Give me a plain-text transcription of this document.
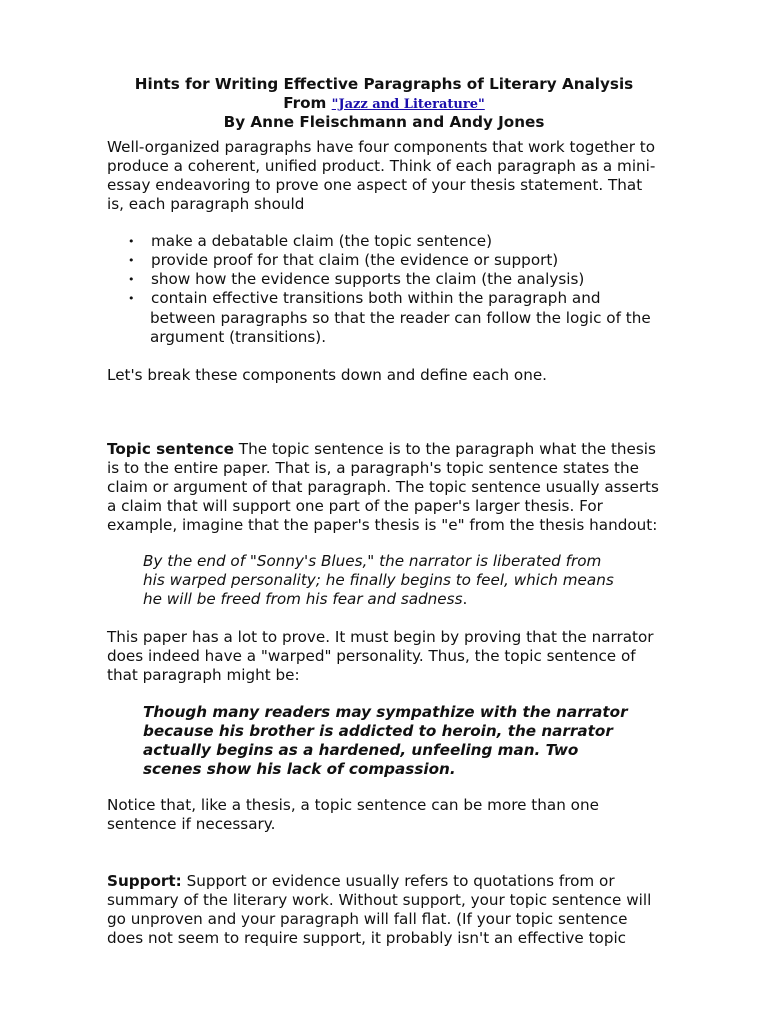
Hints for Writing Effective Paragraphs of Literary Analysis

From "Jazz and Literature"

By Anne Fleischmann and Andy Jones

Well-organized paragraphs have four components that work together to

produce a coherent, unified product. Think of each paragraph as a mini-

essay endeavoring to prove one aspect of your thesis statement. That

is, each paragraph should

• make a debatable claim (the topic sentence)
• provide proof for that claim (the evidence or support)
• show how the evidence supports the claim (the analysis)
• contain effective transitions both within the paragraph and

between paragraphs so that the reader can follow the logic of the

argument (transitions).

Let's break these components down and define each one.

Topic sentence The topic sentence is to the paragraph what the thesis

is to the entire paper. That is, a paragraph's topic sentence states the

claim or argument of that paragraph. The topic sentence usually asserts

a claim that will support one part of the paper's larger thesis. For

example, imagine that the paper's thesis is "e" from the thesis handout:

By the end of "Sonny's Blues," the narrator is liberated from

his warped personality; he finally begins to feel, which means

he will be freed from his fear and sadness.

This paper has a lot to prove. It must begin by proving that the narrator

does indeed have a "warped" personality. Thus, the topic sentence of

that paragraph might be:

Though many readers may sympathize with the narrator

because his brother is addicted to heroin, the narrator

actually begins as a hardened, unfeeling man. Two

scenes show his lack of compassion.

Notice that, like a thesis, a topic sentence can be more than one

sentence if necessary.

Support: Support or evidence usually refers to quotations from or

summary of the literary work. Without support, your topic sentence will

go unproven and your paragraph will fall flat. (If your topic sentence

does not seem to require support, it probably isn't an effective topic
